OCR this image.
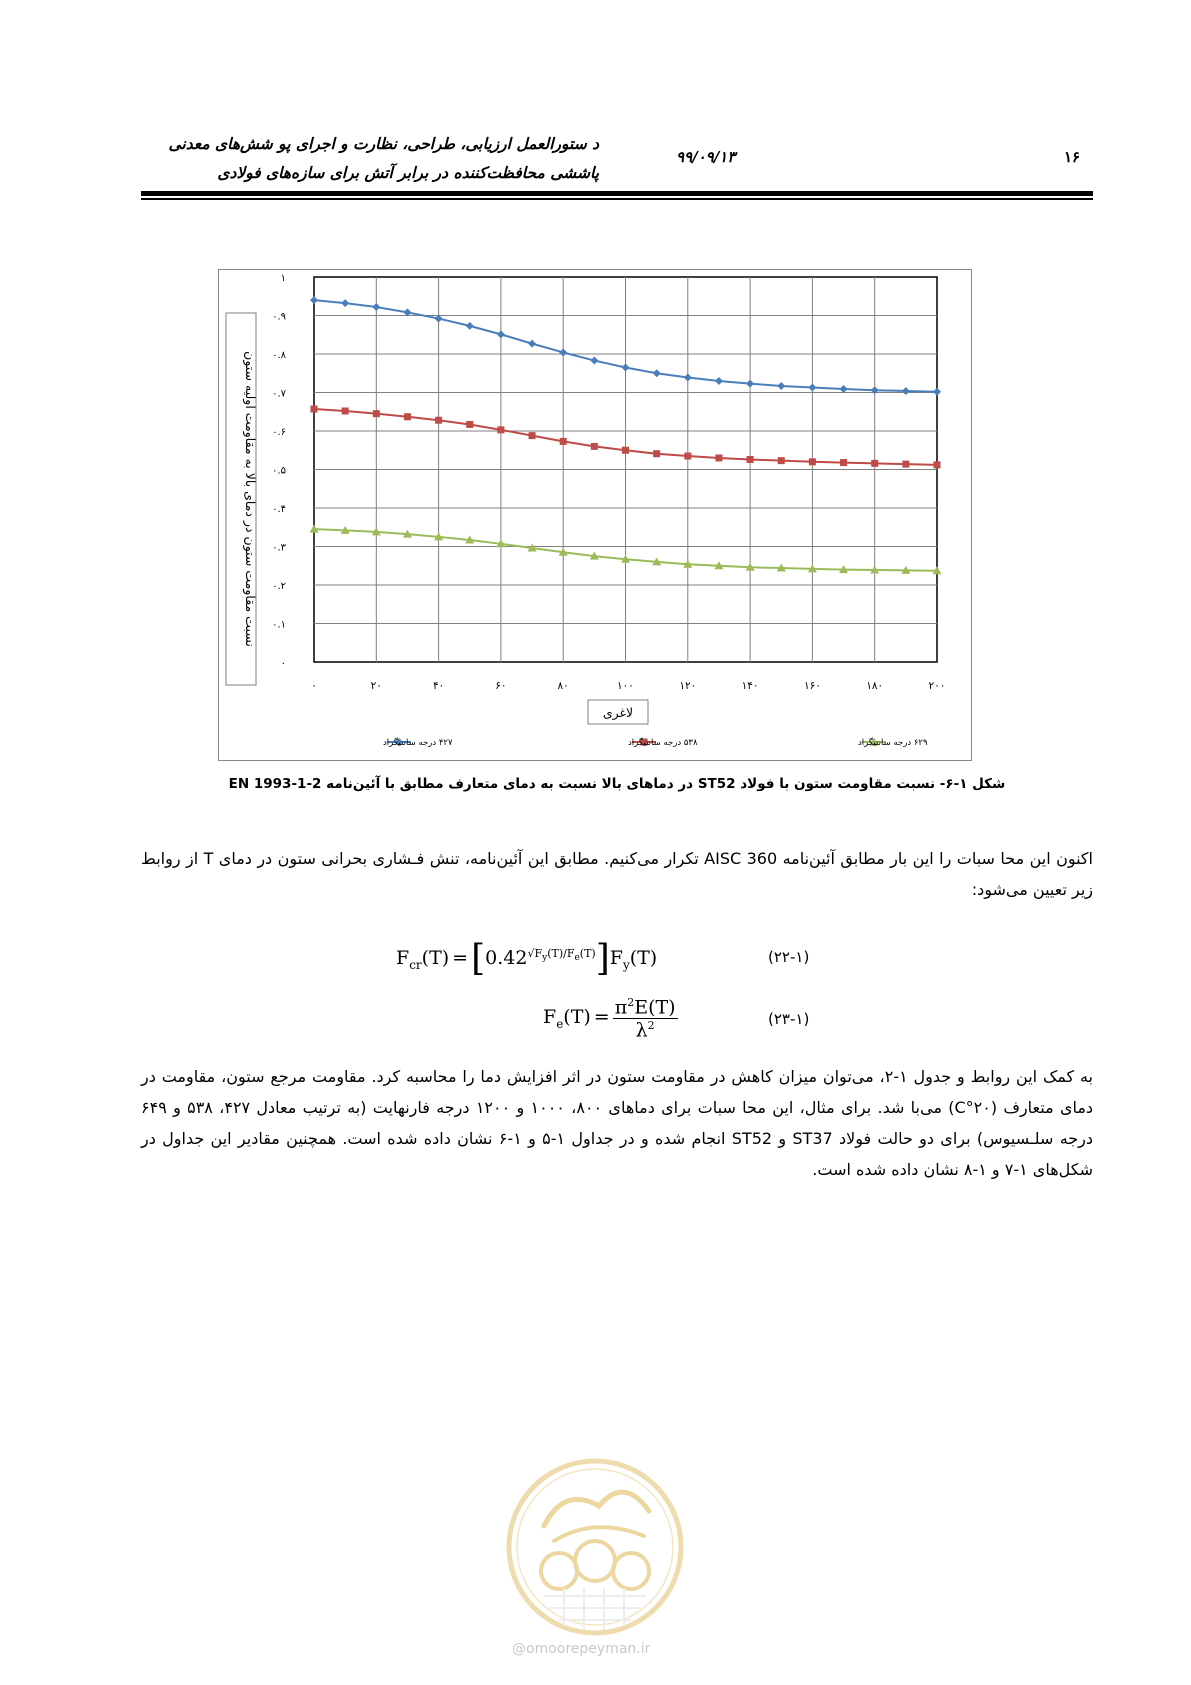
د ستورالعمل ارزیابی، طراحی، نظارت و اجرای پو شش‌های معدنی
پاششی محافظت‌کننده در برابر آتش برای سازه‌های فولادی
۹۹/۰۹/۱۳	۱۶
۰
۰.۱
۰.۲
۰.۳
۰.۴
۰.۵
۰.۶
۰.۷
۰.۸
۰.۹
۱
۰	۲۰	۴۰	۶۰	۸۰	۱۰۰	۱۲۰	۱۴۰	۱۶۰	۱۸۰	۲۰۰
نسبت مقاومت ستون در دمای بالا به مقاومت اولیه ستون
لاغری
۴۲۷ درجه سانتیگراد	۵۳۸ درجه سانتیگراد	۶۲۹ درجه سانتیگراد
شکل ۱-۶- نسبت مقاومت ستون با فولاد ST52 در دماهای بالا نسبت به دمای متعارف مطابق با آئین‌نامه EN 1993-1-2
اکنون این محا سبات را این بار مطابق آئین‌نامه AISC 360 تکرار می‌کنیم. مطابق این آئین‌نامه، تنش فـشاری بحرانی ستون در دمای T از روابط زیر تعیین می‌شود:
$F_{cr}(T) =[0.42^{√F_y(T)/F_e(T)}]F_y(T)$	(۲۲-۱)
$F_e(T) = \frac{\pi^2E(T)}{\lambda^2}$	(۲۳-۱)
به کمک این روابط و جدول ۱-۲، می‌توان میزان کاهش در مقاومت ستون در اثر افزایش دما را محاسبه کرد. مقاومت مرجع ستون، مقاومت در دمای متعارف (۲۰°C) می‌با شد. برای مثال، این محا سبات برای دماهای ۸۰۰، ۱۰۰۰ و ۱۲۰۰ درجه فارنهایت (به ترتیب معادل ۴۲۷، ۵۳۸ و ۶۴۹ درجه سلـسیوس) برای دو حالت فولاد ST37 و ST52 انجام شده و در جداول ۱-۵ و ۱-۶ نشان داده شده است. همچنین مقادیر این جداول در شکل‌های ۱-۷ و ۱-۸ نشان داده شده است.
@omoorepeyman.ir
